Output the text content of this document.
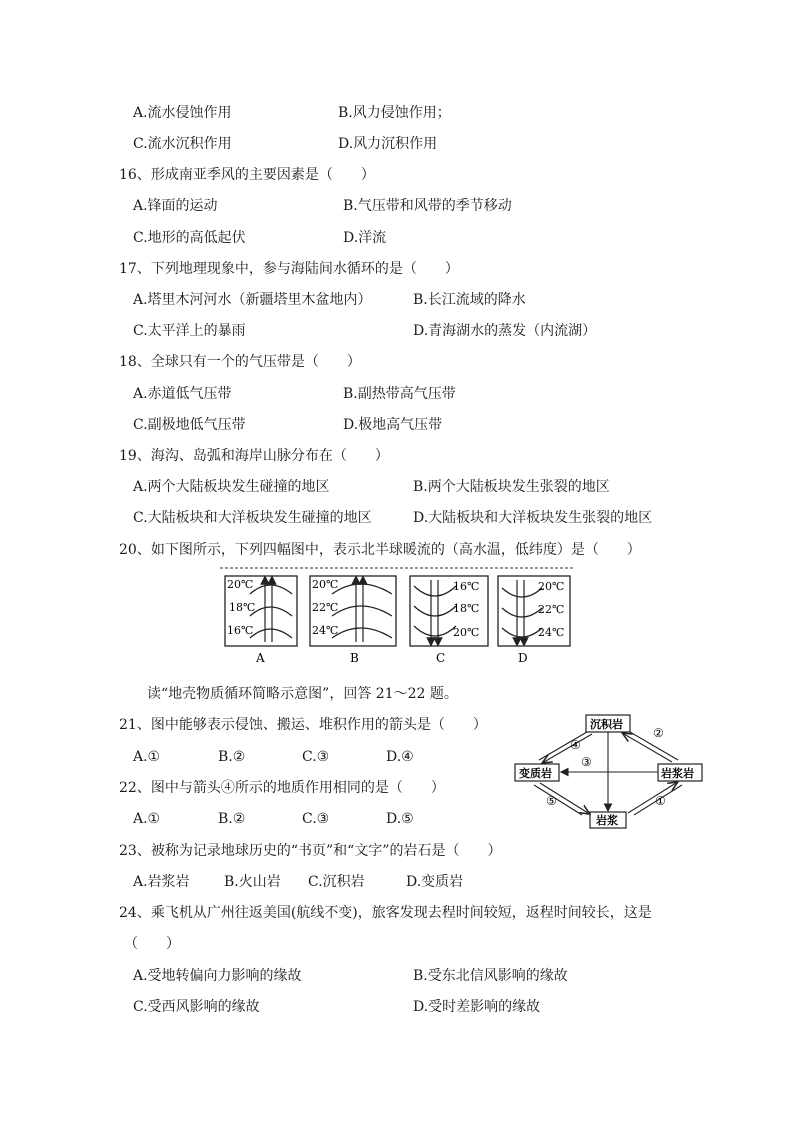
A.流水侵蚀作用	B.风力侵蚀作用；
C.流水沉积作用	D.风力沉积作用
16、形成南亚季风的主要因素是（　　）
A.锋面的运动	B.气压带和风带的季节移动
C.地形的高低起伏	D.洋流
17、下列地理现象中，参与海陆间水循环的是（　　）
A.塔里木河河水（新疆塔里木盆地内）	B.长江流域的降水
C.太平洋上的暴雨	D.青海湖水的蒸发（内流湖）
18、全球只有一个的气压带是（　　）
A.赤道低气压带	B.副热带高气压带
C.副极地低气压带	D.极地高气压带
19、海沟、岛弧和海岸山脉分布在（　　）
A.两个大陆板块发生碰撞的地区	B.两个大陆板块发生张裂的地区
C.大陆板块和大洋板块发生碰撞的地区	D.大陆板块和大洋板块发生张裂的地区
20、如下图所示，下列四幅图中，表示北半球暖流的（高水温，低纬度）是（　　）
20℃
18℃
16℃
A
20℃
22℃
24℃
B
16℃
18℃
20℃
C
20℃
22℃
24℃
D
读“地壳物质循环简略示意图”，回答 21～22 题。
21、图中能够表示侵蚀、搬运、堆积作用的箭头是（　　）
A.①	B.②	C.③	D.④
22、图中与箭头④所示的地质作用相同的是（　　）
A.①	B.②	C.③	D.⑤
沉积岩
变质岩	岩浆岩
岩浆
②
④
③
⑤	①
23、被称为记录地球历史的“书页”和“文字”的岩石是（　　）
A.岩浆岩 B.火山岩 C.沉积岩	D.变质岩
24、乘飞机从广州往返美国(航线不变)，旅客发现去程时间较短，返程时间较长，这是
（　　）
A.受地转偏向力影响的缘故	B.受东北信风影响的缘故
C.受西风影响的缘故	D.受时差影响的缘故
